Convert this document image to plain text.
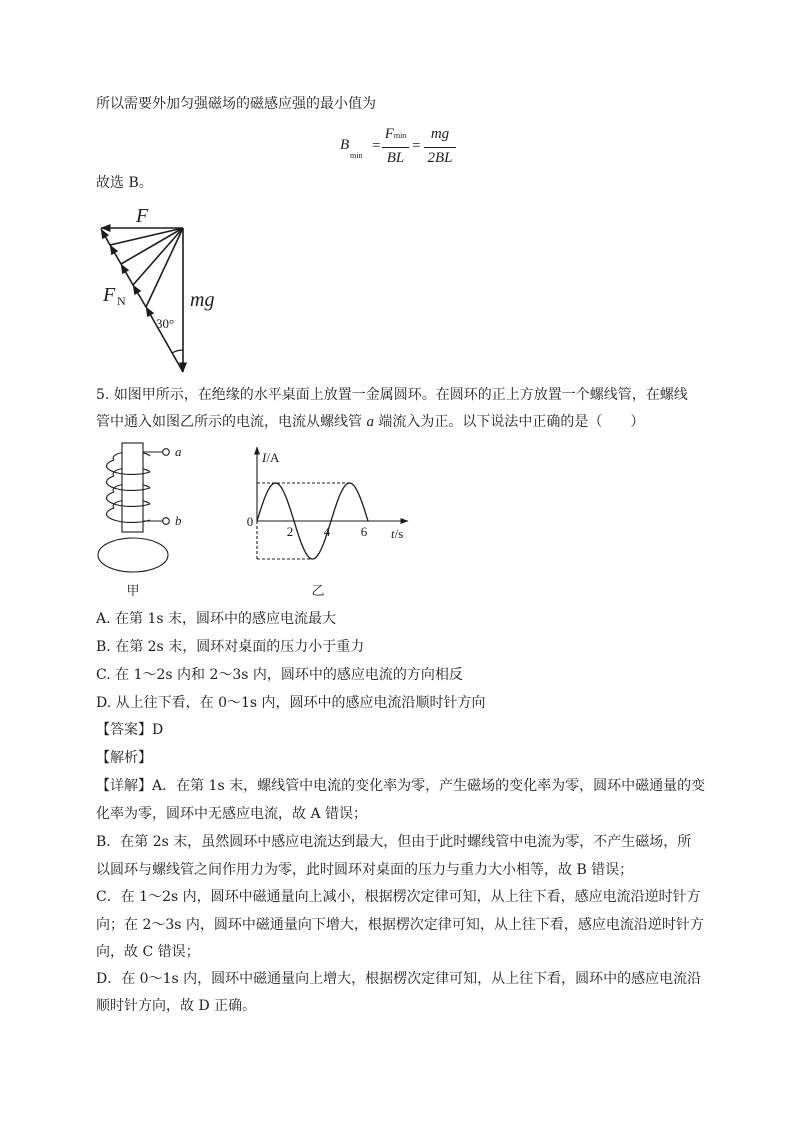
所以需要外加匀强磁场的磁感应强的最小值为
B
min
=
Fmin
BL
=
mg
2BL
故选 B。
F
F N	mg
30°
5. 如图甲所示，在绝缘的水平桌面上放置一金属圆环。在圆环的正上方放置一个螺线管，在螺线
管中通入如图乙所示的电流，电流从螺线管 a 端流入为正。以下说法中正确的是（　　）
a
b
甲
I/A
t/s
0
2 4 6
乙
A. 在第 1s 末，圆环中的感应电流最大
B. 在第 2s 末，圆环对桌面的压力小于重力
C. 在 1～2s 内和 2～3s 内，圆环中的感应电流的方向相反
D. 从上往下看，在 0～1s 内，圆环中的感应电流沿顺时针方向
【答案】D
【解析】
【详解】A．在第 1s 末，螺线管中电流的变化率为零，产生磁场的变化率为零，圆环中磁通量的变
化率为零，圆环中无感应电流，故 A 错误；
B．在第 2s 末，虽然圆环中感应电流达到最大，但由于此时螺线管中电流为零，不产生磁场，所
以圆环与螺线管之间作用力为零，此时圆环对桌面的压力与重力大小相等，故 B 错误；
C．在 1～2s 内，圆环中磁通量向上减小，根据楞次定律可知，从上往下看，感应电流沿逆时针方
向；在 2～3s 内，圆环中磁通量向下增大，根据楞次定律可知，从上往下看，感应电流沿逆时针方
向，故 C 错误；
D．在 0～1s 内，圆环中磁通量向上增大，根据楞次定律可知，从上往下看，圆环中的感应电流沿
顺时针方向，故 D 正确。
